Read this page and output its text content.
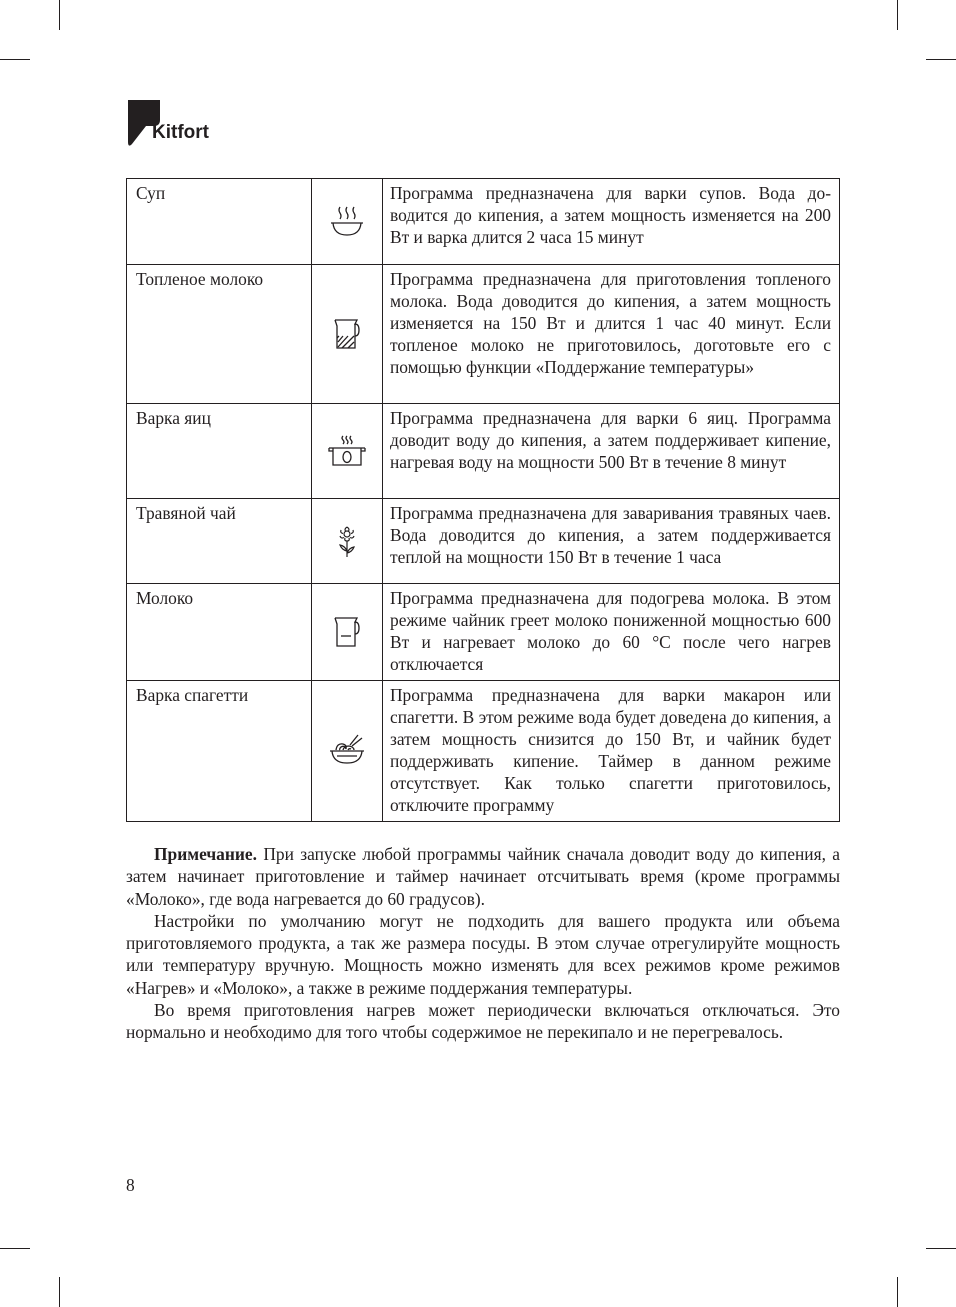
Kitfort
Суп		Программа предназначена для варки супов. Вода доводится до кипения, а затем мощность изменяется на 200 Вт и варка длится 2 часа 15 минут
Топленое молоко		Программа предназначена для приготовления топленого молока. Вода доводится до кипения, а затем мощность изменяется на 150 Вт и длится 1 час 40 минут. Если топленое молоко не приготовилось, доготовьте его с помощью функции «Поддержание температуры»
Варка яиц		Программа предназначена для варки 6 яиц. Программа доводит воду до кипения, а затем поддерживает кипение, нагревая воду на мощности 500 Вт в течение 8 минут
Травяной чай		Программа предназначена для заваривания травяных чаев. Вода доводится до кипения, а затем поддерживается теплой на мощности 150 Вт в течение 1 часа
Молоко		Программа предназначена для подогрева молока. В этом режиме чайник греет молоко пониженной мощностью 600 Вт и нагревает молоко до 60 °С после чего нагрев отключается
Варка спагетти		Программа предназначена для варки макарон или спагетти. В этом режиме вода будет доведена до кипения, а затем мощность снизится до 150 Вт, и чайник будет поддерживать кипение. Таймер в данном режиме отсутствует. Как только спагетти приготовилось, отключите программу

Примечание. При запуске любой программы чайник сначала доводит воду до кипения, а затем начинает приготовление и таймер начинает отсчитывать время (кроме программы «Молоко», где вода нагревается до 60 градусов).

Настройки по умолчанию могут не подходить для вашего продукта или объема приготовляемого продукта, а так же размера посуды. В этом случае отрегулируйте мощность или температуру вручную. Мощность можно изменять для всех режимов кроме режимов «Нагрев» и «Молоко», а также в режиме поддержания температуры.

Во время приготовления нагрев может периодически включаться отключаться. Это нормально и необходимо для того чтобы содержимое не перекипало и не перегревалось.

8
